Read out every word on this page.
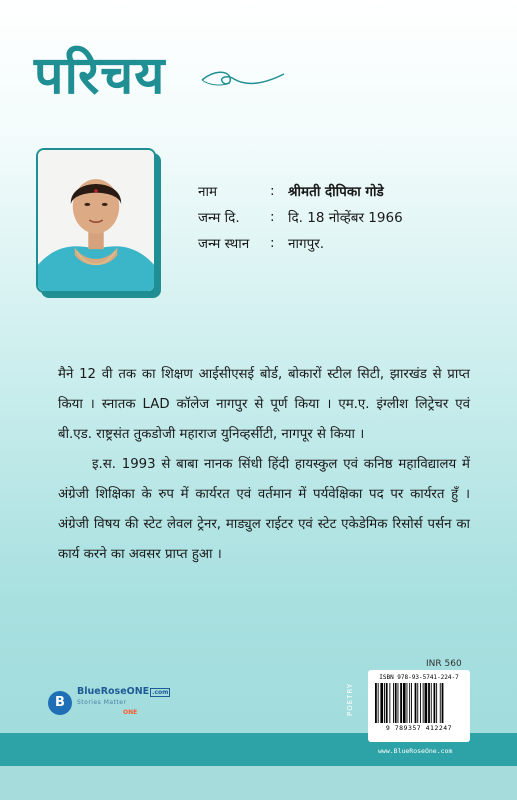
परिचय
नाम	: श्रीमती दीपिका गोडे
जन्म दि.	: दि. 18 नोव्हेंबर 1966
जन्म स्थान	: नागपुर.

मैने 12 वी तक का शिक्षण आईसीएसई बोर्ड, बोकारों स्टील सिटी, झारखंड से प्राप्त किया । स्नातक LAD कॉलेज नागपुर से पूर्ण किया । एम.ए. इंग्लीश लिट्रेचर एवं बी.एड. राष्ट्रसंत तुकडोजी महाराज युनिव्हर्सीटी, नागपूर से किया ।

इ.स. 1993 से बाबा नानक सिंधी हिंदी हायस्कुल एवं कनिष्ठ महाविद्यालय में अंग्रेजी शिक्षिका के रुप में कार्यरत एवं वर्तमान में पर्यवेक्षिका पद पर कार्यरत हुँ । अंग्रेजी विषय की स्टेट लेवल ट्रेनर, माड्युल राईटर एवं स्टेट एकेडेमिक रिसोर्स पर्सन का कार्य करने का अवसर प्राप्त हुआ ।

B
BlueRoseONE .com
Stories Matter
ONE
INR 560
POETRY
ISBN 978-93-5741-224-7
9 789357 412247
www.BlueRoseOne.com
